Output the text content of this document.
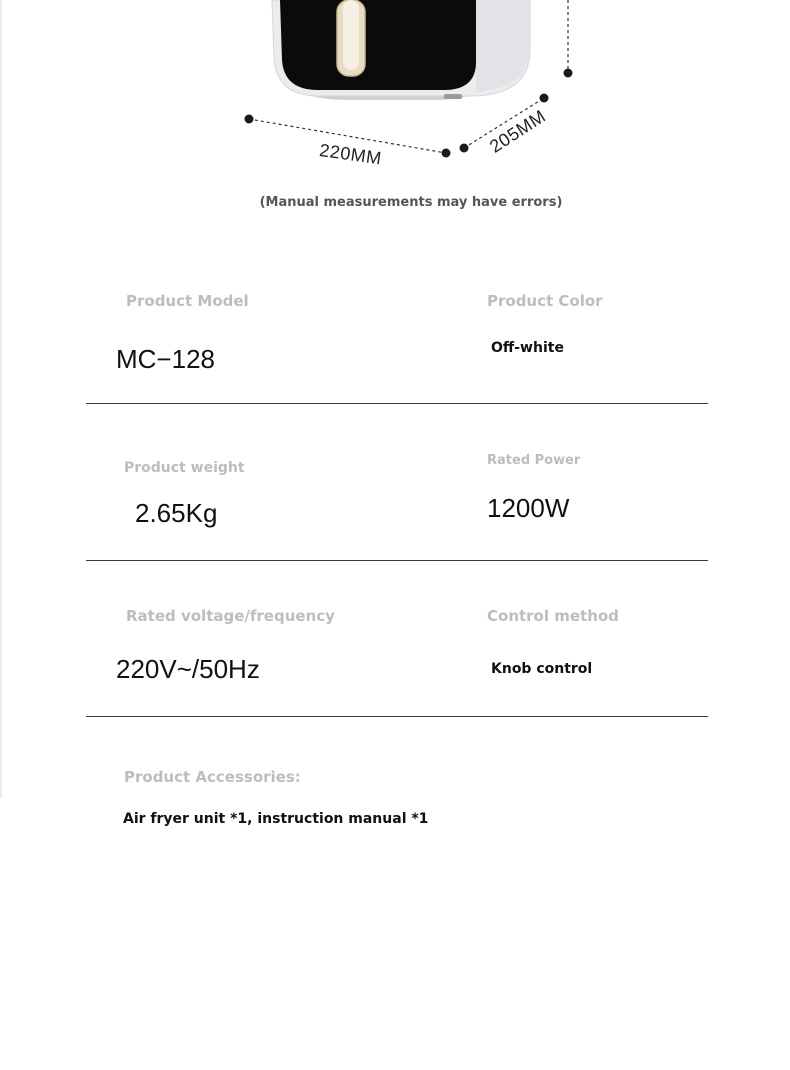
220MM	205MM
(Manual measurements may have errors)
Product Model
MC−128
Product Color
Off-white
Product weight
2.65Kg
Rated Power
1200W
Rated voltage/frequency
220V~/50Hz
Control method
Knob control
Product Accessories:
Air fryer unit *1, instruction manual *1
